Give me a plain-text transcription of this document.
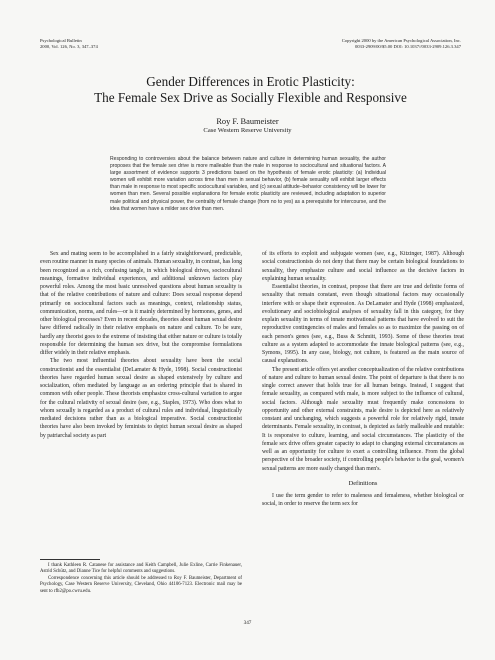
Psychological Bulletin
2000, Vol. 126, No. 3, 347–374
Copyright 2000 by the American Psychological Association, Inc.
0033-2909/00/$5.00 DOI: 10.1037//0033-2909.126.3.347
Gender Differences in Erotic Plasticity:
The Female Sex Drive as Socially Flexible and Responsive
Roy F. Baumeister
Case Western Reserve University
Responding to controversies about the balance between nature and culture in determining human sexuality, the author proposes that the female sex drive is more malleable than the male in response to sociocultural and situational factors. A large assortment of evidence supports 3 predictions based on the hypothesis of female erotic plasticity: (a) Individual women will exhibit more variation across time than men in sexual behavior, (b) female sexuality will exhibit larger effects than male in response to most specific sociocultural variables, and (c) sexual attitude–behavior consistency will be lower for women than men. Several possible explanations for female erotic plasticity are reviewed, including adaptation to superior male political and physical power, the centrality of female change (from no to yes) as a prerequisite for intercourse, and the idea that women have a milder sex drive than men.

Sex and mating seem to be accomplished in a fairly straightforward, predictable, even routine manner in many species of animals. Human sexuality, in contrast, has long been recognized as a rich, confusing tangle, in which biological drives, sociocultural meanings, formative individual experiences, and additional unknown factors play powerful roles. Among the most basic unresolved questions about human sexuality is that of the relative contributions of nature and culture: Does sexual response depend primarily on sociocultural factors such as meanings, context, relationship status, communication, norms, and rules—or is it mainly determined by hormones, genes, and other biological processes? Even in recent decades, theories about human sexual desire have differed radically in their relative emphasis on nature and culture. To be sure, hardly any theorist goes to the extreme of insisting that either nature or culture is totally responsible for determining the human sex drive, but the compromise formulations differ widely in their relative emphasis.

The two most influential theories about sexuality have been the social constructionist and the essentialist (DeLamater & Hyde, 1998). Social constructionist theories have regarded human sexual desire as shaped extensively by culture and socialization, often mediated by language as an ordering principle that is shared in common with other people. These theorists emphasize cross-cultural variation to argue for the cultural relativity of sexual desire (see, e.g., Staples, 1973). Who does what to whom sexually is regarded as a product of cultural rules and individual, linguistically mediated decisions rather than as a biological imperative. Social constructionist theories have also been invoked by feminists to depict human sexual desire as shaped by patriarchal society as part

I thank Kathleen R. Catanese for assistance and Keith Campbell, Julie Exline, Carrie Finkenauer, Astrid Schütz, and Dianne Tice for helpful comments and suggestions.

Correspondence concerning this article should be addressed to Roy F. Baumeister, Department of Psychology, Case Western Reserve University, Cleveland, Ohio 44106-7123. Electronic mail may be sent to rfb2@po.cwru.edu.

of its efforts to exploit and subjugate women (see, e.g., Kitzinger, 1987). Although social constructionists do not deny that there may be certain biological foundations to sexuality, they emphasize culture and social influence as the decisive factors in explaining human sexuality.

Essentialist theories, in contrast, propose that there are true and definite forms of sexuality that remain constant, even though situational factors may occasionally interfere with or shape their expression. As DeLamater and Hyde (1998) emphasized, evolutionary and sociobiological analyses of sexuality fall in this category, for they explain sexuality in terms of innate motivational patterns that have evolved to suit the reproductive contingencies of males and females so as to maximize the passing on of each person's genes (see, e.g., Buss & Schmitt, 1993). Some of these theories treat culture as a system adapted to accommodate the innate biological patterns (see, e.g., Symons, 1995). In any case, biology, not culture, is featured as the main source of causal explanations.

The present article offers yet another conceptualization of the relative contributions of nature and culture to human sexual desire. The point of departure is that there is no single correct answer that holds true for all human beings. Instead, I suggest that female sexuality, as compared with male, is more subject to the influence of cultural, social factors. Although male sexuality must frequently make concessions to opportunity and other external constraints, male desire is depicted here as relatively constant and unchanging, which suggests a powerful role for relatively rigid, innate determinants. Female sexuality, in contrast, is depicted as fairly malleable and mutable: It is responsive to culture, learning, and social circumstances. The plasticity of the female sex drive offers greater capacity to adapt to changing external circumstances as well as an opportunity for culture to exert a controlling influence. From the global perspective of the broader society, if controlling people's behavior is the goal, women's sexual patterns are more easily changed than men's.

Definitions

I use the term gender to refer to maleness and femaleness, whether biological or social, in order to reserve the term sex for

347
